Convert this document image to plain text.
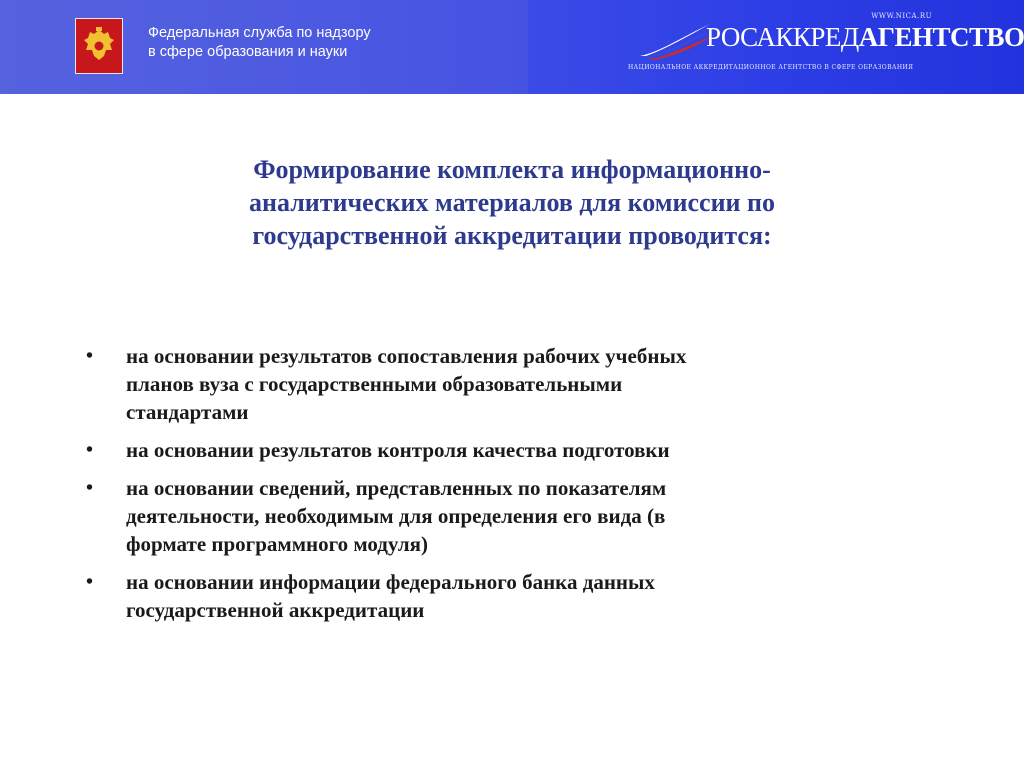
Федеральная служба по надзору
в сфере образования и науки
WWW.NICA.RU
РОСАККРЕДАГЕНТСТВО
НАЦИОНАЛЬНОЕ АККРЕДИТАЦИОННОЕ АГЕНТСТВО В СФЕРЕ ОБРАЗОВАНИЯ
Формирование комплекта информационно-
аналитических материалов для комиссии по
государственной аккредитации проводится:
• на основании результатов сопоставления рабочих учебных
планов вуза с государственными образовательными
стандартами
• на основании результатов контроля качества подготовки
• на основании сведений, представленных по показателям
деятельности, необходимым для определения его вида (в
формате программного модуля)
• на основании информации федерального банка данных
государственной аккредитации
